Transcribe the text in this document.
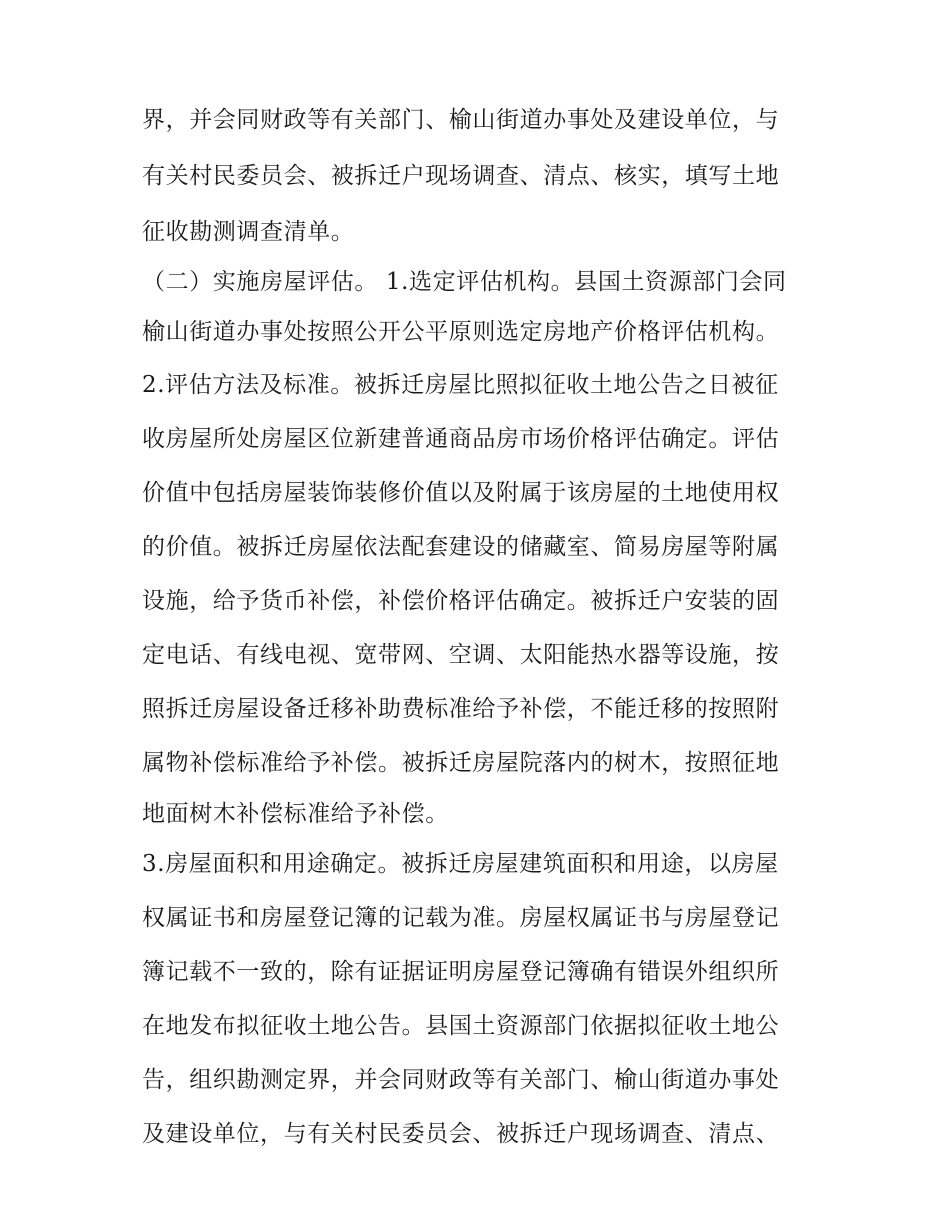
界，并会同财政等有关部门、榆山街道办事处及建设单位，与
有关村民委员会、被拆迁户现场调查、清点、核实，填写土地
征收勘测调查清单。
（二）实施房屋评估。 1.选定评估机构。县国土资源部门会同
榆山街道办事处按照公开公平原则选定房地产价格评估机构。
2.评估方法及标准。被拆迁房屋比照拟征收土地公告之日被征
收房屋所处房屋区位新建普通商品房市场价格评估确定。评估
价值中包括房屋装饰装修价值以及附属于该房屋的土地使用权
的价值。被拆迁房屋依法配套建设的储藏室、简易房屋等附属
设施，给予货币补偿，补偿价格评估确定。被拆迁户安装的固
定电话、有线电视、宽带网、空调、太阳能热水器等设施，按
照拆迁房屋设备迁移补助费标准给予补偿，不能迁移的按照附
属物补偿标准给予补偿。被拆迁房屋院落内的树木，按照征地
地面树木补偿标准给予补偿。
3.房屋面积和用途确定。被拆迁房屋建筑面积和用途，以房屋
权属证书和房屋登记簿的记载为准。房屋权属证书与房屋登记
簿记载不一致的，除有证据证明房屋登记簿确有错误外组织所
在地发布拟征收土地公告。县国土资源部门依据拟征收土地公
告，组织勘测定界，并会同财政等有关部门、榆山街道办事处
及建设单位，与有关村民委员会、被拆迁户现场调查、清点、
